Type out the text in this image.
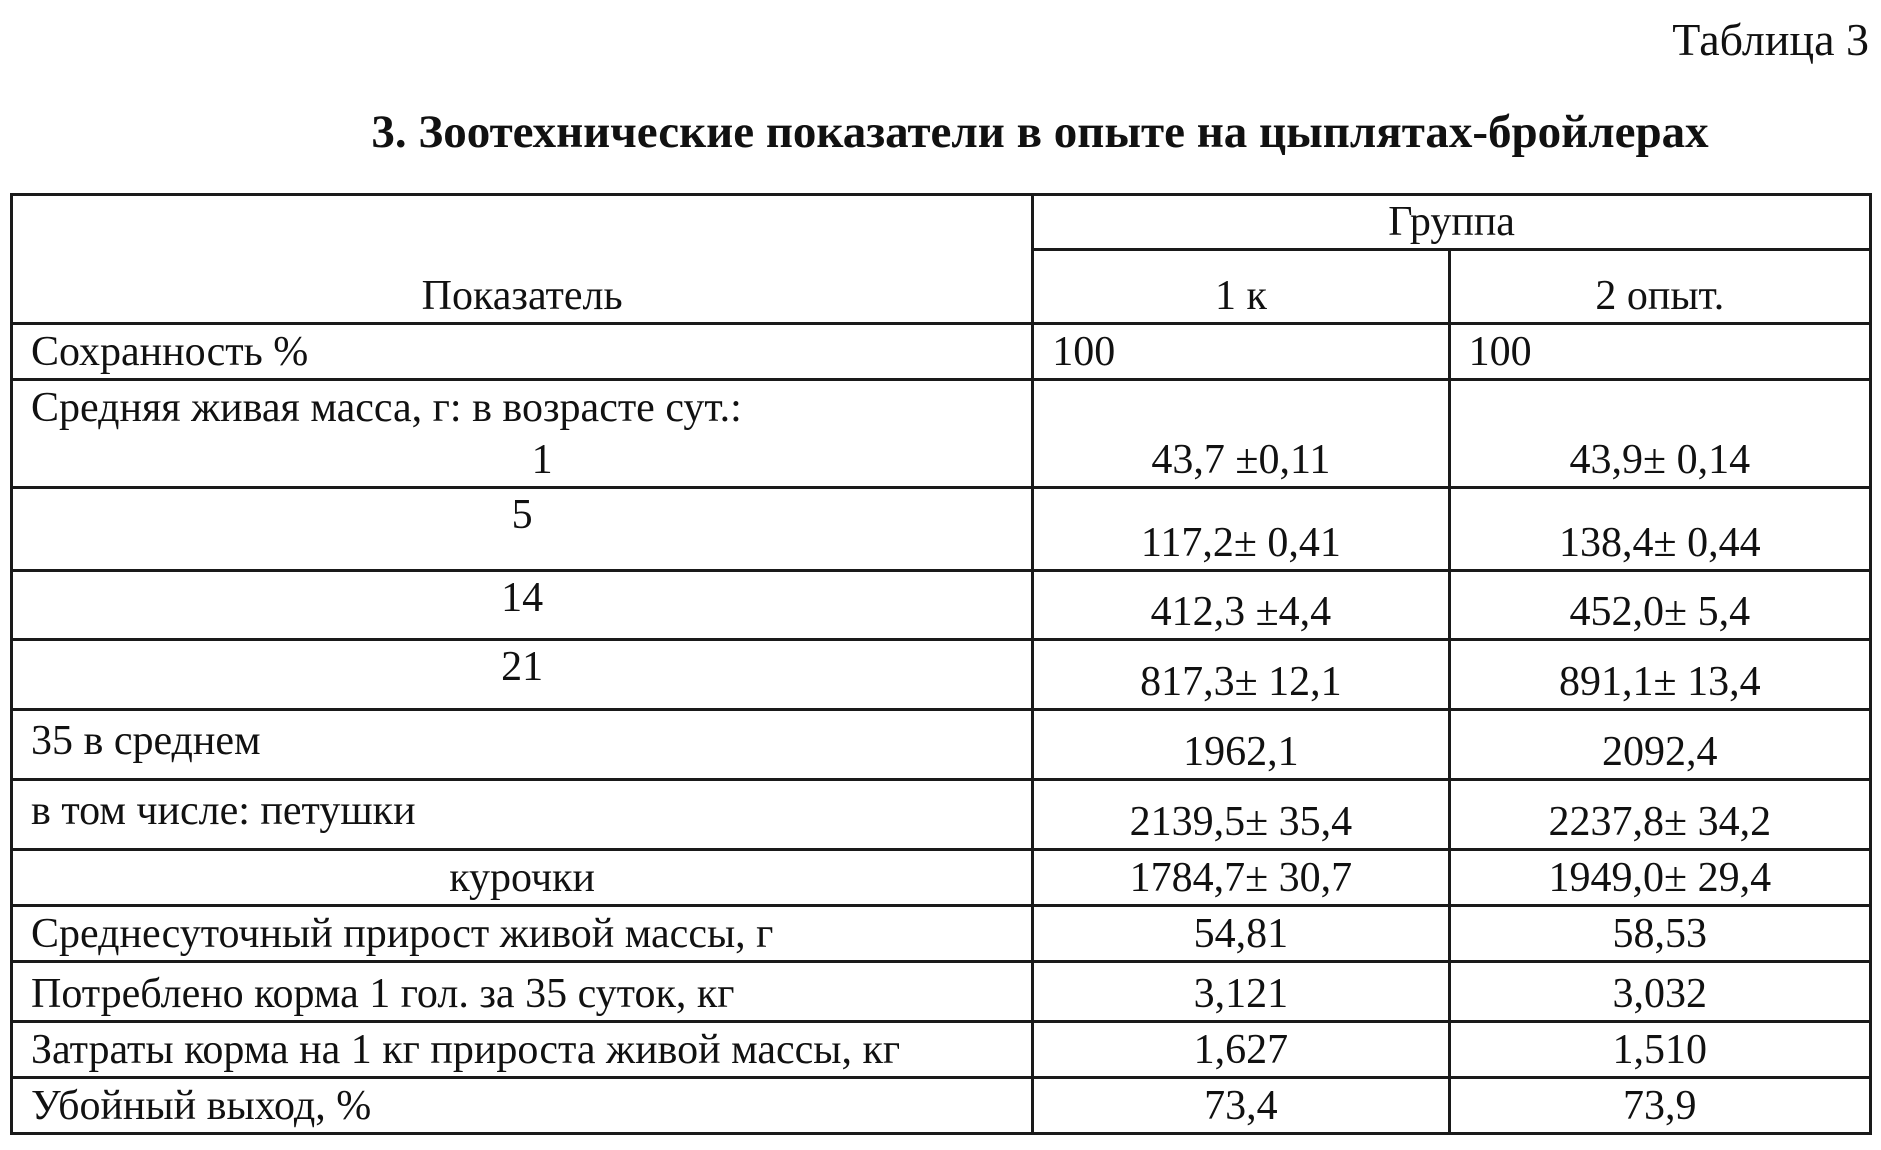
Таблица 3
3. Зоотехнические показатели в опыте на цыплятах-бройлерах
Показатель	Группа	
	1 к	2 опыт.
Сохранность %	100	100

Средняя живая масса, г: в возрасте сут.:
1	43,7 ±0,11	43,9± 0,14
5	117,2± 0,41	138,4± 0,44
14	412,3 ±4,4	452,0± 5,4
21	817,3± 12,1	891,1± 13,4
35 в среднем	1962,1	2092,4
в том числе: петушки	2139,5± 35,4	2237,8± 34,2
курочки	1784,7± 30,7	1949,0± 29,4
Среднесуточный прирост живой массы, г	54,81	58,53
Потреблено корма 1 гол. за 35 суток, кг	3,121	3,032
Затраты корма на 1 кг прироста живой массы, кг	1,627	1,510
Убойный выход, %	73,4	73,9
